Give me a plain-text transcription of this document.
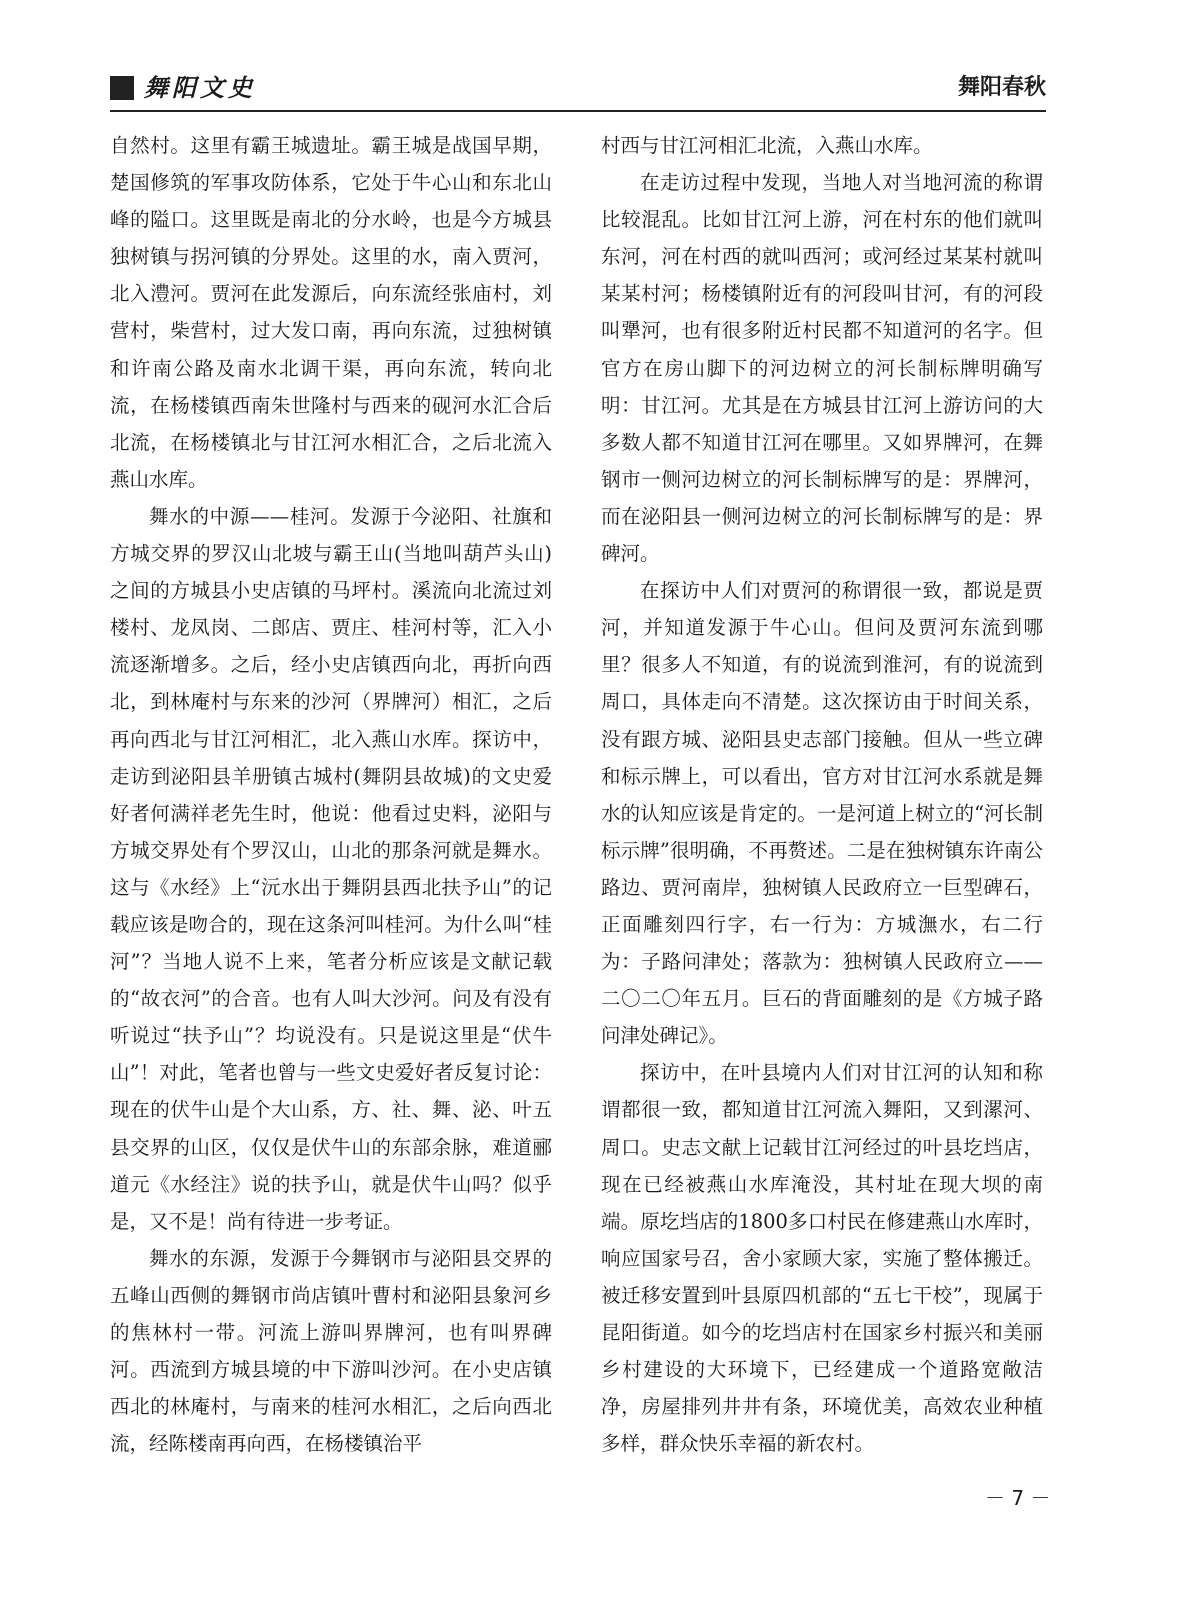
舞阳文史	舞阳春秋

自然村。这里有霸王城遗址。霸王城是战国早期，楚国修筑的军事攻防体系，它处于牛心山和东北山峰的隘口。这里既是南北的分水岭，也是今方城县独树镇与拐河镇的分界处。这里的水，南入贾河，北入澧河。贾河在此发源后，向东流经张庙村，刘营村，柴营村，过大发口南，再向东流，过独树镇和许南公路及南水北调干渠，再向东流，转向北流，在杨楼镇西南朱世隆村与西来的砚河水汇合后北流，在杨楼镇北与甘江河水相汇合，之后北流入燕山水库。

舞水的中源——桂河。发源于今泌阳、社旗和方城交界的罗汉山北坡与霸王山(当地叫葫芦头山)之间的方城县小史店镇的马坪村。溪流向北流过刘楼村、龙凤岗、二郎店、贾庄、桂河村等，汇入小流逐渐增多。之后，经小史店镇西向北，再折向西北，到林庵村与东来的沙河（界牌河）相汇，之后再向西北与甘江河相汇，北入燕山水库。探访中，走访到泌阳县羊册镇古城村(舞阴县故城)的文史爱好者何满祥老先生时，他说：他看过史料，泌阳与方城交界处有个罗汉山，山北的那条河就是舞水。这与《水经》上“沅水出于舞阴县西北扶予山”的记载应该是吻合的，现在这条河叫桂河。为什么叫“桂河”？当地人说不上来，笔者分析应该是文献记载的“故衣河”的合音。也有人叫大沙河。问及有没有听说过“扶予山”？均说没有。只是说这里是“伏牛山”！对此，笔者也曾与一些文史爱好者反复讨论：现在的伏牛山是个大山系，方、社、舞、泌、叶五县交界的山区，仅仅是伏牛山的东部余脉，难道郦道元《水经注》说的扶予山，就是伏牛山吗？似乎是，又不是！尚有待进一步考证。

舞水的东源，发源于今舞钢市与泌阳县交界的五峰山西侧的舞钢市尚店镇叶曹村和泌阳县象河乡的焦林村一带。河流上游叫界牌河，也有叫界碑河。西流到方城县境的中下游叫沙河。在小史店镇西北的林庵村，与南来的桂河水相汇，之后向西北流，经陈楼南再向西，在杨楼镇治平

村西与甘江河相汇北流，入燕山水库。

在走访过程中发现，当地人对当地河流的称谓比较混乱。比如甘江河上游，河在村东的他们就叫东河，河在村西的就叫西河；或河经过某某村就叫某某村河；杨楼镇附近有的河段叫甘河，有的河段叫犟河，也有很多附近村民都不知道河的名字。但官方在房山脚下的河边树立的河长制标牌明确写明：甘江河。尤其是在方城县甘江河上游访问的大多数人都不知道甘江河在哪里。又如界牌河，在舞钢市一侧河边树立的河长制标牌写的是：界牌河，而在泌阳县一侧河边树立的河长制标牌写的是：界碑河。

在探访中人们对贾河的称谓很一致，都说是贾河，并知道发源于牛心山。但问及贾河东流到哪里？很多人不知道，有的说流到淮河，有的说流到周口，具体走向不清楚。这次探访由于时间关系，没有跟方城、泌阳县史志部门接触。但从一些立碑和标示牌上，可以看出，官方对甘江河水系就是舞水的认知应该是肯定的。一是河道上树立的“河长制标示牌”很明确，不再赘述。二是在独树镇东许南公路边、贾河南岸，独树镇人民政府立一巨型碑石，正面雕刻四行字，右一行为：方城潕水，右二行为：子路问津处；落款为：独树镇人民政府立——二〇二〇年五月。巨石的背面雕刻的是《方城子路问津处碑记》。

探访中，在叶县境内人们对甘江河的认知和称谓都很一致，都知道甘江河流入舞阳，又到漯河、周口。史志文献上记载甘江河经过的叶县圪垱店，现在已经被燕山水库淹没，其村址在现大坝的南端。原圪垱店的1800多口村民在修建燕山水库时，响应国家号召，舍小家顾大家，实施了整体搬迁。被迁移安置到叶县原四机部的“五七干校”，现属于昆阳街道。如今的圪垱店村在国家乡村振兴和美丽乡村建设的大环境下，已经建成一个道路宽敞洁净，房屋排列井井有条，环境优美，高效农业种植多样，群众快乐幸福的新农村。

－ 7 －
